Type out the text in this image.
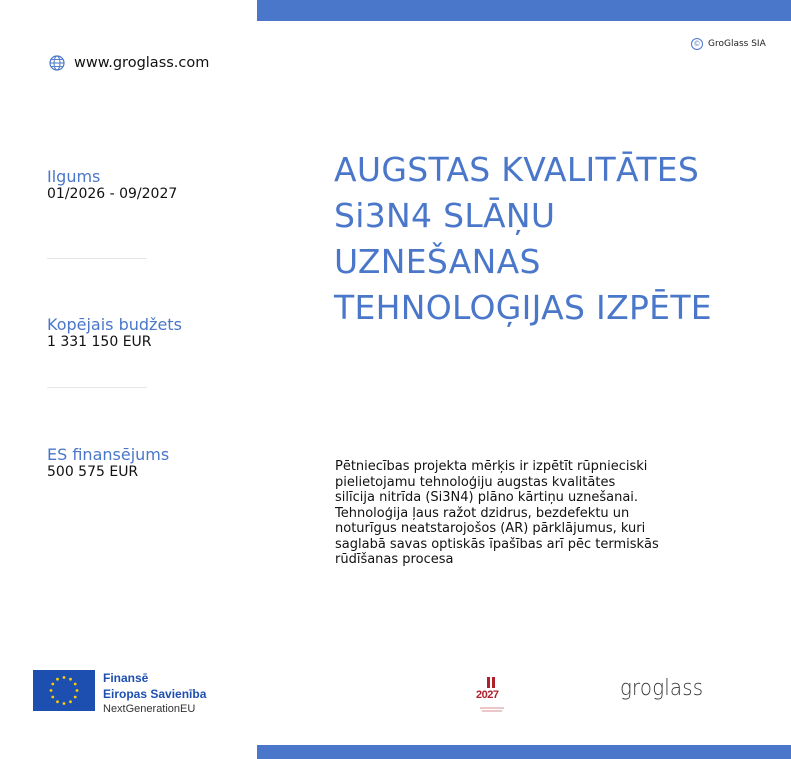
www.groglass.com
© GroGlass SIA
Ilgums
01/2026 - 09/2027
Kopējais budžets
1 331 150 EUR
ES finansējums
500 575 EUR
AUGSTAS KVALITĀTES
Si3N4 SLĀŅU
UZNEŠANAS
TEHNOLOĢIJAS IZPĒTE
Pētniecības projekta mērķis ir izpētīt rūpnieciski
pielietojamu tehnoloģiju augstas kvalitātes
silīcija nitrīda (Si3N4) plāno kārtiņu uznešanai.
Tehnoloģija ļaus ražot dzidrus, bezdefektu un
noturīgus neatstarojošos (AR) pārklājumus, kuri
saglabā savas optiskās īpašības arī pēc termiskās
rūdīšanas procesa
Finansē
Eiropas Savienība
NextGenerationEU
2027	groglass
